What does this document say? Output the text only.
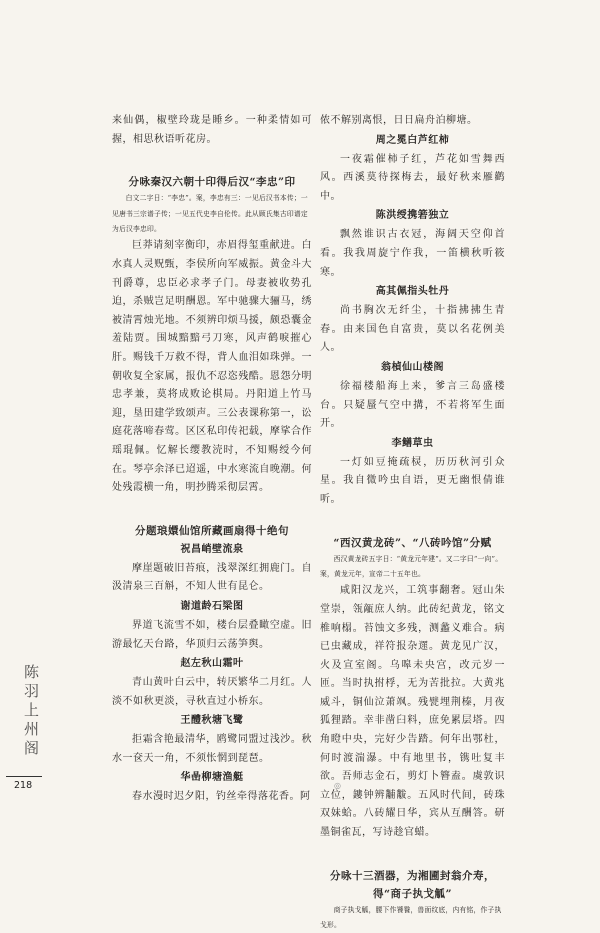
来仙偶，椒壁玲珑是睡乡。一种柔情如可握，相思秋语听花房。

分咏秦汉六朝十印得后汉“李忠”印
白文二字日：“李忠”。案，李忠有三：一见后汉书本传；一见唐书三宗谱子传；一见五代史李自伦传。此从顾氏集古印谱定为后汉李忠印。

巨莽请刻宰衡印，赤眉得玺重献进。白水真人灵贶甄，李侯所向军威振。黄金斗大刊爵尊，忠臣必求孝子门。母妻被收势孔迫，杀贼岂足明酬恩。军中驰骤大骊马，绣被清霄烛光地。不须辨印烦马援，颇恐囊金羞陆贾。围城黯黯弓刀寒，风声鹤唳摧心肝。赐钱千万救不得，背人血泪如珠弹。一朝收复全家属，报仇不忍恣残酷。恩怨分明忠孝兼，莫将成败论棋局。丹阳道上竹马迎，垦田建学致颂声。三公表课称第一，讼庭花落啼春莺。区区私印传祀载，摩挲合作瑶琨佩。忆解长缨教涜时，不知赐绶今何在。琴亭余泽已迢遥，中水寒流自晚潮。何处残霞横一角，明抄腾采彻层霄。

分题琅嬛仙馆所藏画扇得十绝句
祝昌峭壁流泉

摩崖题破旧苔痕，浅翠深红拥鹿门。自汲清泉三百斛，不知人世有昆仑。

谢道龄石梁图

界道飞流雪不如，楼台层叠瞰空虚。旧游最忆天台路，华顶归云荡笋舆。

赵左秋山霜叶

青山黄叶白云中，转厌繁华二月红。人淡不如秋更淡，寻秋直过小桥东。

王醴秋塘飞鹭

拒霜含艳最清华，鸥鹭同盟过浅沙。秋水一奁天一角，不须怅惘到琵琶。

华嵒柳塘渔艇

春水漫时迟夕阳，钓丝牵得落花香。阿

侬不解别离恨，日日扁舟泊柳塘。

周之冕白芦红柿

一夜霜催柿子红，芦花如雪舞西风。西溪莫待探梅去，最好秋来雁鹳中。

陈洪绶携箬独立

飘然谁识古衣冠，海阔天空仰首看。我我周旋宁作我，一笛横秋听筱寒。

高其佩指头牡丹

尚书胸次无纤尘，十指拂拂生青春。由来国色自富贵，莫以名花例美人。

翁楨仙山楼阁

徐福楼船海上来，爹言三岛盛楼台。只疑蜃气空中搆，不若将军生面开。

李鳝草虫

一灯如豆掩疏棂，历历秋河引众星。我自微吟虫自语，更无幽恨倩谁听。

“西汉黄龙砖”、“八砖吟馆”分赋
西汉黄龙砖五字日：“黄龙元年建”。又二字曰“一向”。案，黄龙元年，宣帝二十五年也。

咸阳汉龙兴，工筑事翻奢。冠山朱堂崇，瓴甋庶人纳。此砖纪黄龙，铭文椎响榻。苔蚀文多残，测蠡义难合。病已虫藏成，祥符报杂遝。黄龙见广汉，火及宣室阁。乌嗥未央宫，改元岁一匝。当时执拊桴，无为苦批拉。大黄兆威斗，铜仙泣萧飒。残甓埋荆榛，月夜狐狸踏。幸非凿臼料，庶免累层塔。四角瞪中央，完好少告踏。何年出鄂杜，何时渡湍瀑。中有地里书，镌吐复丰欲。吾师志金石，剪灯卜簪盍。虞敦识立位，鏤钟辨黼黻。五风时代间，砖珠双妹蛤。八砖耀日华，宾从互酬答。研墨铜雀瓦，写诗趁官蜡。

分咏十三酒器，为湘圃封翁介寿，得“商子执戈觚”
商子执戈觚，腰下作饕餮，兽面纹底，内有铭，作子执戈形。
陈羽上州阁
218	◎
